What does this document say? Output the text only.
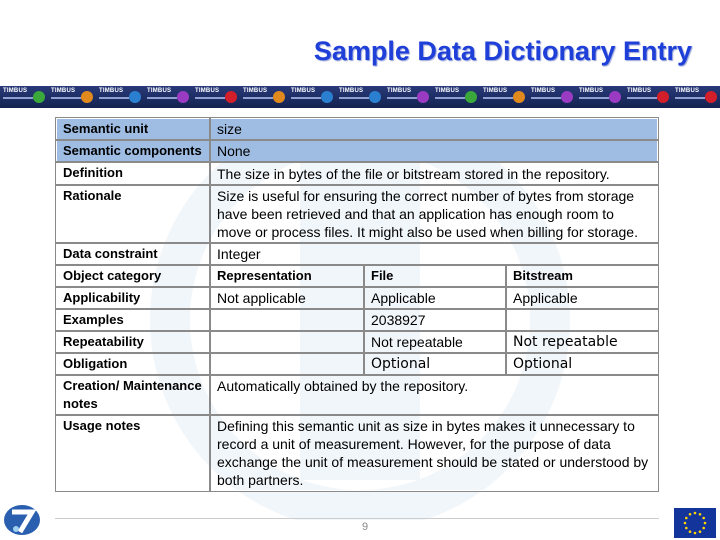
Sample Data Dictionary Entry
TIMBUS	TIMBUS	TIMBUS	TIMBUS	TIMBUS	TIMBUS	TIMBUS	TIMBUS	TIMBUS	TIMBUS	TIMBUS	TIMBUS	TIMBUS	TIMBUS	TIMBUS
Semantic unit	size		
Semantic components	None		
Definition	The size in bytes of the file or bitstream stored in the repository.		
Rationale	Size is useful for ensuring the correct number of bytes from storage have been retrieved and that an application has enough room to move or process files. It might also be used when billing for storage.		
Data constraint	Integer		
Object category	Representation	File	Bitstream
Applicability	Not applicable	Applicable	Applicable
Examples		2038927	
Repeatability		Not repeatable	Not repeatable
Obligation		Optional	Optional
Creation/ Maintenance notes	Automatically obtained by the repository.		
Usage notes	Defining this semantic unit as size in bytes makes it unnecessary to record a unit of measurement. However, for the purpose of data exchange the unit of measurement should be stated or understood by both partners.		
9
